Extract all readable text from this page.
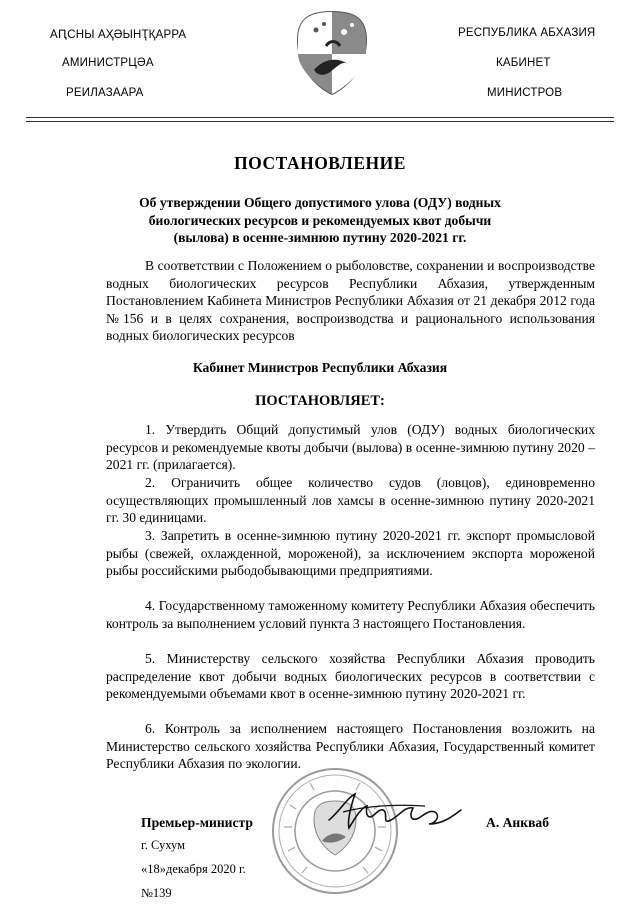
АԤСНЫ АҲӘЫНҬҚАРРА
АМИНИСТРЦӘА
РЕИЛАЗААРА
РЕСПУБЛИКА АБХАЗИЯ
КАБИНЕТ
МИНИСТРОВ
ПОСТАНОВЛЕНИЕ
Об утверждении Общего допустимого улова (ОДУ) водных
биологических ресурсов и рекомендуемых квот добычи
(вылова) в осенне-зимнюю путину 2020-2021 гг.
В соответствии с Положением о рыболовстве, сохранении и воспроизводстве водных биологических ресурсов Республики Абхазия, утвержденным Постановлением Кабинета Министров Республики Абхазия от 21 декабря 2012 года №156 и в целях сохранения, воспроизводства и рационального использования водных биологических ресурсов
Кабинет Министров Республики Абхазия
ПОСТАНОВЛЯЕТ:
1. Утвердить Общий допустимый улов (ОДУ) водных биологических ресурсов и рекомендуемые квоты добычи (вылова) в осенне-зимнюю путину 2020 – 2021 гг. (прилагается).
2. Ограничить общее количество судов (ловцов), единовременно осуществляющих промышленный лов хамсы в осенне-зимнюю путину 2020-2021 гг. 30 единицами.
3. Запретить в осенне-зимнюю путину 2020-2021 гг. экспорт промысловой рыбы (свежей, охлажденной, мороженой), за исключением экспорта мороженой рыбы российскими рыбодобывающими предприятиями.
4. Государственному таможенному комитету Республики Абхазия обеспечить контроль за выполнением условий пункта 3 настоящего Постановления.
5. Министерству сельского хозяйства Республики Абхазия проводить распределение квот добычи водных биологических ресурсов в соответствии с рекомендуемыми объемами квот в осенне-зимнюю путину 2020-2021 гг.
6. Контроль за исполнением настоящего Постановления возложить на Министерство сельского хозяйства Республики Абхазия, Государственный комитет Республики Абхазия по экологии.
Премьер-министр	А. Анкваб
г. Сухум
«18»декабря 2020 г.
№139
